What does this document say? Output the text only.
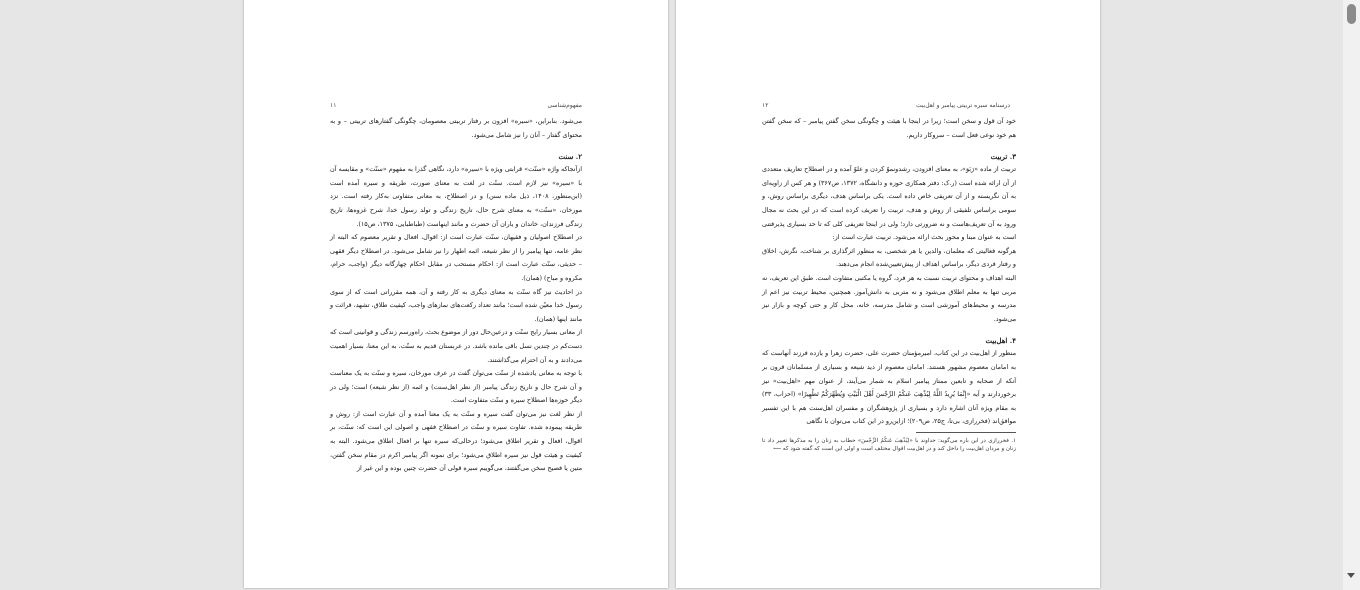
مفهوم‌شناسی
۱۱
می‌شود. بنابراین، «سیره» افزون بر رفتار تربیتی معصومان، چگونگی گفتارهای تربیتی – و به محتوای گفتار – آنان را نیز شامل می‌شود.
۲. سنت
ازآنجاکه واژه «سنّت» قرابتی ویژه با «سیره» دارد، نگاهی گذرا به مفهوم «سنّت» و مقایسه آن با «سیره» نیز لازم است. سنّت در لغت به معنای صورت، طریقه و سیره آمده است (ابن‌منظور، ۱۴۰۸، ذیل ماده سنن) و در اصطلاح، به معانی متفاوتی به‌کار رفته است. نزد مورخان، «سنّت» به معنای شرح حال، تاریخ زندگی و تولد رسول خدا، شرح غزوه‌ها، تاریخ زندگی فرزندان، خاندان و یاران آن حضرت و مانند اینهاست (طباطبایی، ۱۳۷۵، ص۱۵).
در اصطلاح اصولیان و فقیهان، سنّت عبارت است از: اقوال، افعال و تقریر معصوم که البته از نظر عامه، تنها پیامبر را از نظر شیعه، ائمه اطهار را نیز شامل می‌شود. در اصطلاح دیگر فقهی – حدیثی، سنّت عبارت است از: احکام مستحب در مقابل احکام چهارگانه دیگر (واجب، حرام، مکروه و مباح) (همان).
در احادیث نیز گاه سنّت به معنای دیگری به کار رفته و آن، همه مقرراتی است که از سوی رسول خدا معیّن شده است؛ مانند تعداد رکعت‌های نمازهای واجب، کیفیت طلاق، تشهد، قرائت و مانند اینها (همان).
از معانی بسیار رایج سنّت و درعین‌حال دور از موضوع بحث، راه‌ورسم زندگی و قوانینی است که دست‌کم در چندین نسل باقی مانده باشد. در عربستان قدیم به سنّت، به این معنا، بسیار اهمیت می‌دادند و به آن احترام می‌گذاشتند.
با توجه به معانی یادشده از سنّت می‌توان گفت در عرف مورخان، سیره و سنّت به یک معناست و آن شرح حال و تاریخ زندگی پیامبر (از نظر اهل‌سنت) و ائمه (از نظر شیعه) است؛ ولی در دیگر حوزه‌ها اصطلاح سیره و سنّت متفاوت است.
از نظر لغت نیز می‌توان گفت سیره و سنّت به یک معنا آمده و آن عبارت است از: روش و طریقه پیموده شده. تفاوت سیره و سنّت در اصطلاح فقهی و اصولی این است که: سنّت، بر اقوال، افعال و تقریر اطلاق می‌شود؛ درحالی‌که سیره تنها بر افعال اطلاق می‌شود. البته به کیفیت و هیئت قول نیز سیره اطلاق می‌شود؛ برای نمونه اگر پیامبر اکرم در مقام سخن گفتن، متین یا فصیح سخن می‌گفتند، می‌گوییم سیره قولی آن حضرت چنین بوده و این غیر از
۱۲	درسنامه سیره تربیتی پیامبر و اهل‌بیت
خود آن قول و سخن است؛ زیرا در اینجا با هیئت و چگونگی سخن گفتن پیامبر – که سخن گفتن هم خود نوعی فعل است – سروکار داریم.
۳. تربیت
تربیت از ماده «رَبَوَ»، به معنای افزودن، رشدونموّ کردن و علوّ آمده و در اصطلاح تعاریف متعددی از آن ارائه شده است (ر.ک: دفتر همکاری حوزه و دانشگاه، ۱۳۷۲، ص۳۶۷) و هر کس از زاویه‌ای به آن نگریسته و از آن تعریفی خاص داده است. یکی براساس هدف، دیگری براساس روش، و سومی براساس تلفیقی از روش و هدف، تربیت را تعریف کرده است که در این بحث نه مجال ورود به آن تعریف‌هاست و نه ضرورتی دارد؛ ولی در اینجا تعریفی کلی که تا حد بسیاری پذیرفتنی است به عنوان مبنا و محور بحث ارائه می‌شود. تربیت عبارت است از:
هرگونه فعالیتی که معلمان، والدین یا هر شخصی، به منظور اثرگذاری بر شناخت، نگرش، اخلاق و رفتار فردی دیگر، براساس اهداف از پیش‌تعیین‌شده انجام می‌دهند.
البته اهداف و محتوای تربیت نسبت به هر فرد، گروه یا مکتبی متفاوت است. طبق این تعریف، نه مربی تنها به معلم اطلاق می‌شود و نه متربی به دانش‌آموز. همچنین، محیط تربیت نیز اعم از مدرسه و محیط‌های آموزشی است و شامل مدرسه، خانه، محل کار و حتی کوچه و بازار نیز می‌شود.
۴. اهل‌بیت
منظور از اهل‌بیت در این کتاب، امیرمؤمنان حضرت علی، حضرت زهرا و یازده فرزند آنهاست که به امامان معصوم مشهور هستند. امامان معصوم از دید شیعه و بسیاری از مسلمانان قرون بر آنکه از صحابه و تابعین ممتاز پیامبر اسلام به شمار می‌آیند، از عنوان مهم «اهل‌بیت» نیز برخوردارند و آیه «إِنَّمَا يُرِيدُ اللَّهُ لِيُذْهِبَ عَنكُمُ الرِّجْسَ أَهْلَ الْبَيْتِ وَيُطَهِّرَكُمْ تَطْهِيرًا» (احزاب، ۳۳) به مقام ویژه آنان اشاره دارد و بسیاری از پژوهشگران و مفسران اهل‌سنت هم با این تفسیر موافق‌اند (فخررازی، بی‌تا، ج۲۵، ص۲۰۹)؛ ازاین‌رو در این کتاب می‌توان با نگاهی
۱. فخررازی در این باره می‌گوید: خداوند با «لِيُذْهِبَ عَنكُمُ الرِّجْسَ» خطاب به زنان را به مذکرها تغییر داد تا زنان و مردان اهل‌بیت را داخل کند و در اهل‌بیت اقوال مختلف است و اولی این است که گفته شود که ⟵
